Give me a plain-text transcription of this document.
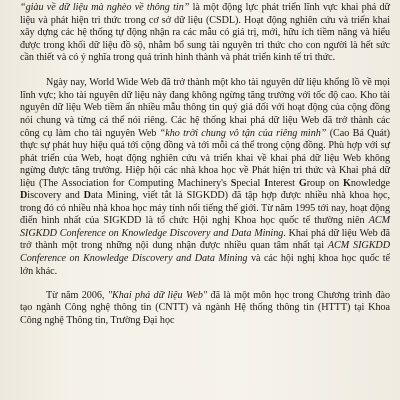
“giàu về dữ liệu mà nghèo về thông tin” là một động lực phát triển lĩnh vực khai phá dữ liệu và phát hiện tri thức trong cơ sở dữ liệu (CSDL). Hoạt động nghiên cứu và triển khai xây dựng các hệ thống tự động nhận ra các mẫu có giá trị, mới, hữu ích tiềm năng và hiểu được trong khối dữ liệu đồ sộ, nhằm bổ sung tài nguyên tri thức cho con người là hết sức cần thiết và có ý nghĩa trong quá trình hình thành và phát triển kinh tế tri thức.

Ngày nay, World Wide Web đã trở thành một kho tài nguyên dữ liệu khổng lồ về mọi lĩnh vực; kho tài nguyên dữ liệu này đang không ngừng tăng trưởng với tốc độ cao. Kho tài nguyên dữ liệu Web tiềm ẩn nhiều mẫu thông tin quý giá đối với hoạt động của cộng đồng nói chung và từng cá thể nói riêng. Các hệ thống khai phá dữ liệu Web đã trở thành các công cụ làm cho tài nguyên Web “kho trời chung vô tận của riêng mình” (Cao Bá Quát) thực sự phát huy hiệu quả tới cộng đồng và tới mỗi cá thể trong cộng đồng. Phù hợp với sự phát triển của Web, hoạt động nghiên cứu và triển khai về khai phá dữ liệu Web không ngừng được tăng trưởng. Hiệp hội các nhà khoa học về Phát hiện tri thức và Khai phá dữ liệu (The Association for Computing Machinery's Special Interest Group on Knowledge Discovery and Data Mining, viết tắt là SIGKDD) đã tập hợp được nhiều nhà khoa học, trong đó có nhiều nhà khoa học máy tính nổi tiếng thế giới. Từ năm 1995 tới nay, hoạt động điển hình nhất của SIGKDD là tổ chức Hội nghị Khoa học quốc tế thường niên ACM SIGKDD Conference on Knowledge Discovery and Data Mining. Khai phá dữ liệu Web đã trở thành một trong những nội dung nhận được nhiều quan tâm nhất tại ACM SIGKDD Conference on Knowledge Discovery and Data Mining và các hội nghị khoa học quốc tế lớn khác.

Từ năm 2006, "Khai phá dữ liệu Web" đã là một môn học trong Chương trình đào tạo ngành Công nghệ thông tin (CNTT) và ngành Hệ thống thông tin (HTTT) tại Khoa Công nghệ Thông tin, Trường Đại học
